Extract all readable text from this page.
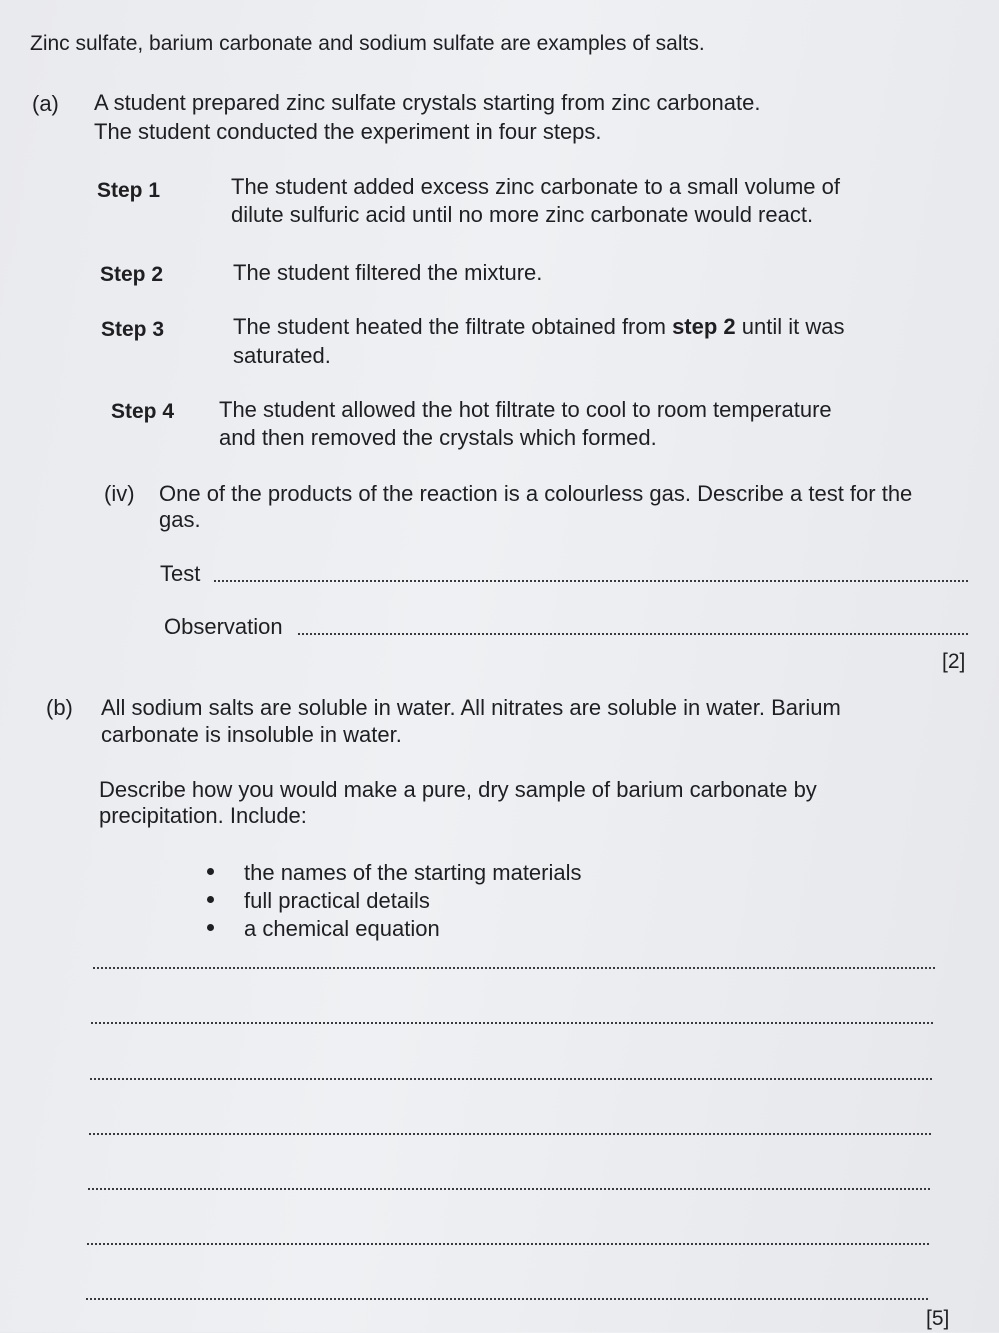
Zinc sulfate, barium carbonate and sodium sulfate are examples of salts.
(a) A student prepared zinc sulfate crystals starting from zinc carbonate.
The student conducted the experiment in four steps.
Step 1	The student added excess zinc carbonate to a small volume of
dilute sulfuric acid until no more zinc carbonate would react.
Step 2	The student filtered the mixture.
Step 3	The student heated the filtrate obtained from step 2 until it was
saturated.
Step 4 The student allowed the hot filtrate to cool to room temperature
and then removed the crystals which formed.
(iv) One of the products of the reaction is a colourless gas. Describe a test for the
gas.
Test
Observation
[2]
(b) All sodium salts are soluble in water. All nitrates are soluble in water. Barium
carbonate is insoluble in water.
Describe how you would make a pure, dry sample of barium carbonate by
precipitation. Include:
the names of the starting materials
full practical details
a chemical equation
[5]
